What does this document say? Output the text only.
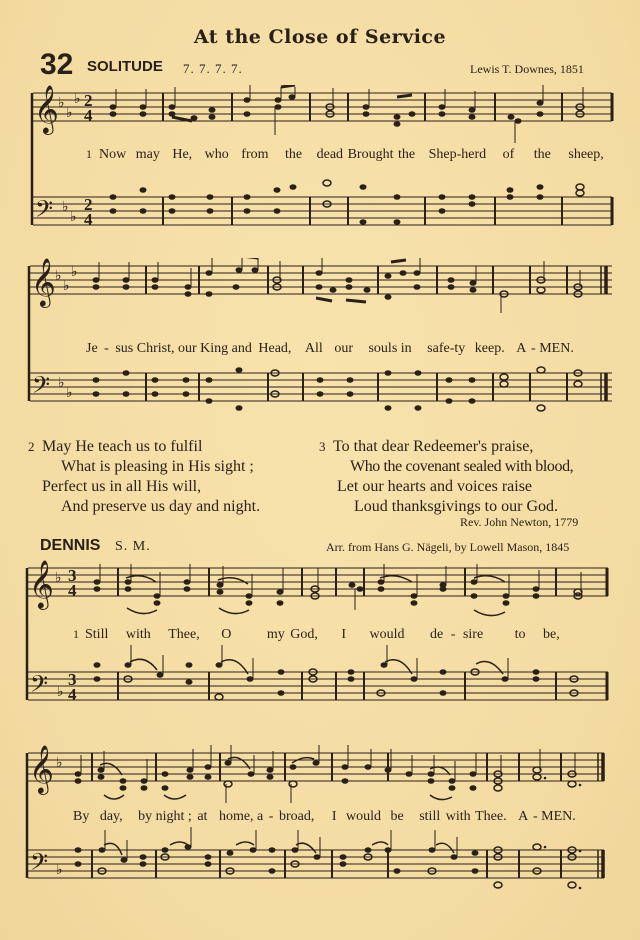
At the Close of Service
32 SOLITUDE 7. 7. 7. 7.	Lewis T. Downes, 1851
𝄞
𝄢
♭
♭
♭
♭
♭
2
4
2
4
1 Now may He, who from the dead Brought the Shep-herd of the sheep,
𝄞
𝄢
♭
♭
♭
♭
♭
Je - sus Christ, our King and Head, All our souls in safe-ty keep. A - MEN.
2 May He teach us to fulfil
What is pleasing in His sight ;
Perfect us in all His will,
And preserve us day and night.
3 To that dear Redeemer's praise,
Who the covenant sealed with blood,
Let our hearts and voices raise
Loud thanksgivings to our God.
Rev. John Newton, 1779
DENNIS S. M.	Arr. from Hans G. Nägeli, by Lowell Mason, 1845
𝄞
𝄢
♭
♭
3
4
3
4
1 Still with Thee, O	my God, I would de - sire to be,
𝄞
𝄢
♭
♭
By day, by night ; at home, a - broad, I would be still with Thee. A - MEN.
